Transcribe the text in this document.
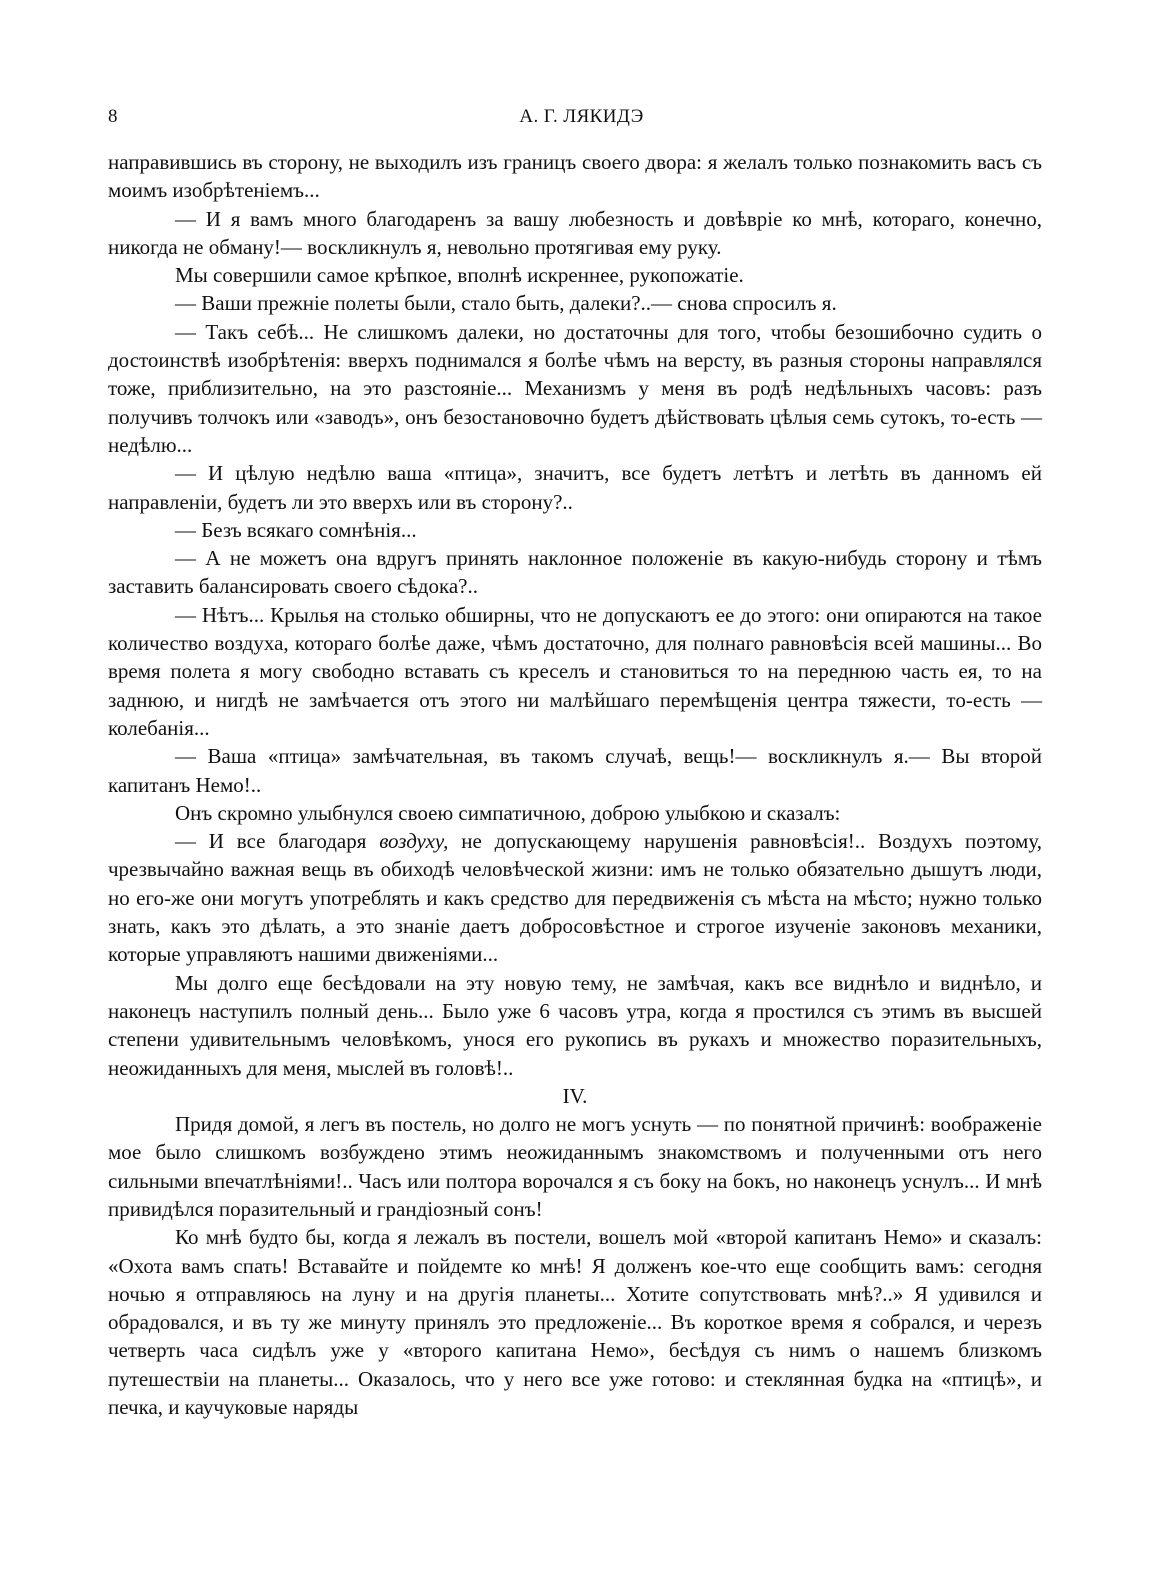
8	А. Г. ЛЯКИДЭ

направившись въ сторону, не выходилъ изъ границъ своего двора: я желалъ только познакомить васъ съ моимъ изобрѣтеніемъ...

— И я вамъ много благодаренъ за вашу любезность и довѣвріе ко мнѣ, котораго, конечно, никогда не обману!— воскликнулъ я, невольно протягивая ему руку.

Мы совершили самое крѣпкое, вполнѣ искреннее, рукопожатіе.

— Ваши прежніе полеты были, стало быть, далеки?..— снова спросилъ я.

— Такъ себѣ... Не слишкомъ далеки, но достаточны для того, чтобы безошибочно судить о достоинствѣ изобрѣтенія: вверхъ поднимался я болѣе чѣмъ на версту, въ разныя стороны направлялся тоже, приблизительно, на это разстояніе... Механизмъ у меня въ родѣ недѣльныхъ часовъ: разъ получивъ толчокъ или «заводъ», онъ безостановочно будетъ дѣйствовать цѣлыя семь сутокъ, то-есть — недѣлю...

— И цѣлую недѣлю ваша «птица», значитъ, все будетъ летѣтъ и летѣть въ данномъ ей направленіи, будетъ ли это вверхъ или въ сторону?..

— Безъ всякаго сомнѣнія...

— А не можетъ она вдругъ принять наклонное положеніе въ какую-нибудь сторону и тѣмъ заставить балансировать своего сѣдока?..

— Нѣтъ... Крылья на столько обширны, что не допускаютъ ее до этого: они опираются на такое количество воздуха, котораго болѣе даже, чѣмъ достаточно, для полнаго равновѣсія всей машины... Во время полета я могу свободно вставать съ креселъ и становиться то на переднюю часть ея, то на заднюю, и нигдѣ не замѣчается отъ этого ни малѣйшаго перемѣщенія центра тяжести, то-есть — колебанія...

— Ваша «птица» замѣчательная, въ такомъ случаѣ, вещь!— воскликнулъ я.— Вы второй капитанъ Немо!..

Онъ скромно улыбнулся своею симпатичною, доброю улыбкою и сказалъ:

— И все благодаря воздуху, не допускающему нарушенія равновѣсія!.. Воздухъ поэтому, чрезвычайно важная вещь въ обиходѣ человѣческой жизни: имъ не только обязательно дышутъ люди, но его-же они могутъ употреблять и какъ средство для передвиженія съ мѣста на мѣсто; нужно только знать, какъ это дѣлать, а это знаніе даетъ добросовѣстное и строгое изученіе законовъ механики, которые управляютъ нашими движеніями...

Мы долго еще бесѣдовали на эту новую тему, не замѣчая, какъ все виднѣло и виднѣло, и наконецъ наступилъ полный день... Было уже 6 часовъ утра, когда я простился съ этимъ въ высшей степени удивительнымъ человѣкомъ, унося его рукопись въ рукахъ и множество поразительныхъ, неожиданныхъ для меня, мыслей въ головѣ!..

IV.

Придя домой, я легъ въ постель, но долго не могъ уснуть — по понятной причинѣ: воображеніе мое было слишкомъ возбуждено этимъ неожиданнымъ знакомствомъ и полученными отъ него сильными впечатлѣніями!.. Часъ или полтора ворочался я съ боку на бокъ, но наконецъ уснулъ... И мнѣ привидѣлся поразительный и грандіозный сонъ!

Ко мнѣ будто бы, когда я лежалъ въ постели, вошелъ мой «второй капитанъ Немо» и сказалъ: «Охота вамъ спать! Вставайте и пойдемте ко мнѣ! Я долженъ кое-что еще сообщить вамъ: сегодня ночью я отправляюсь на луну и на другія планеты... Хотите сопутствовать мнѣ?..» Я удивился и обрадовался, и въ ту же минуту принялъ это предложеніе... Въ короткое время я собрался, и черезъ четверть часа сидѣлъ уже у «второго капитана Немо», бесѣдуя съ нимъ о нашемъ близкомъ путешествіи на планеты... Оказалось, что у него все уже готово: и стеклянная будка на «птицѣ», и печка, и каучуковые наряды
